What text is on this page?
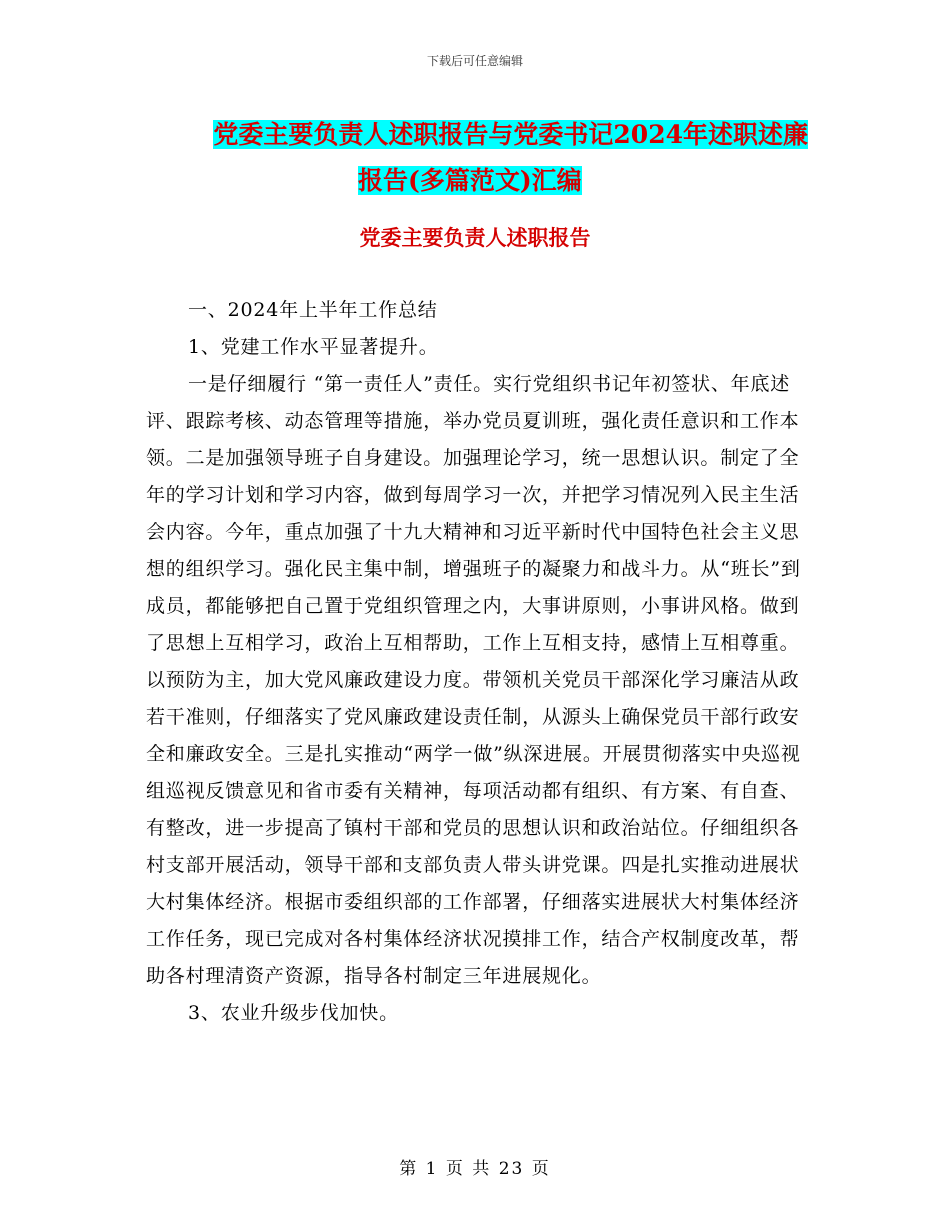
下载后可任意编辑
党委主要负责人述职报告与党委书记2024年述职述廉
报告(多篇范文)汇编
党委主要负责人述职报告

一、2024年上半年工作总结

1、党建工作水平显著提升。

一是仔细履行 “第一责任人”责任。实行党组织书记年初签状、年底述评、跟踪考核、动态管理等措施，举办党员夏训班，强化责任意识和工作本领。二是加强领导班子自身建设。加强理论学习，统一思想认识。制定了全年的学习计划和学习内容，做到每周学习一次，并把学习情况列入民主生活会内容。今年，重点加强了十九大精神和习近平新时代中国特色社会主义思想的组织学习。强化民主集中制，增强班子的凝聚力和战斗力。从“班长”到成员，都能够把自己置于党组织管理之内，大事讲原则，小事讲风格。做到了思想上互相学习，政治上互相帮助，工作上互相支持，感情上互相尊重。以预防为主，加大党风廉政建设力度。带领机关党员干部深化学习廉洁从政若干准则，仔细落实了党风廉政建设责任制，从源头上确保党员干部行政安全和廉政安全。三是扎实推动“两学一做”纵深进展。开展贯彻落实中央巡视组巡视反馈意见和省市委有关精神，每项活动都有组织、有方案、有自查、有整改，进一步提高了镇村干部和党员的思想认识和政治站位。仔细组织各村支部开展活动，领导干部和支部负责人带头讲党课。四是扎实推动进展状大村集体经济。根据市委组织部的工作部署，仔细落实进展状大村集体经济工作任务，现已完成对各村集体经济状况摸排工作，结合产权制度改革，帮助各村理清资产资源，指导各村制定三年进展规化。

3、农业升级步伐加快。

第 1 页 共 23 页
